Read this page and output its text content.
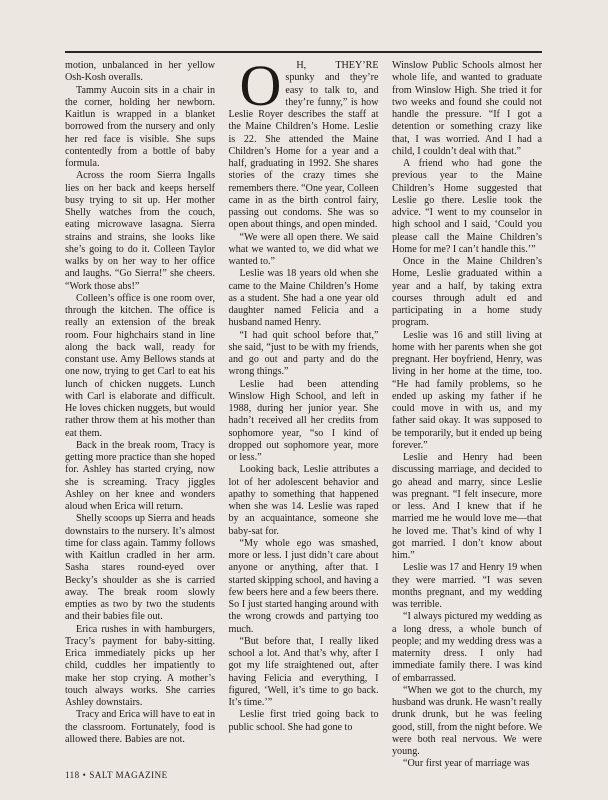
motion, unbalanced in her yellow Osh-Kosh overalls.

Tammy Aucoin sits in a chair in the corner, holding her newborn. Kaitlun is wrapped in a blanket borrowed from the nursery and only her red face is visible. She sups contentedly from a bottle of baby formula.

Across the room Sierra Ingalls lies on her back and keeps herself busy trying to sit up. Her mother Shelly watches from the couch, eating microwave lasagna. Sierra strains and strains, she looks like she’s going to do it. Colleen Taylor walks by on her way to her office and laughs. “Go Sierra!” she cheers. “Work those abs!”

Colleen’s office is one room over, through the kitchen. The office is really an extension of the break room. Four highchairs stand in line along the back wall, ready for constant use. Amy Bellows stands at one now, trying to get Carl to eat his lunch of chicken nuggets. Lunch with Carl is elaborate and difficult. He loves chicken nuggets, but would rather throw them at his mother than eat them.

Back in the break room, Tracy is getting more practice than she hoped for. Ashley has started crying, now she is screaming. Tracy jiggles Ashley on her knee and wonders aloud when Erica will return.

Shelly scoops up Sierra and heads downstairs to the nursery. It’s almost time for class again. Tammy follows with Kaitlun cradled in her arm. Sasha stares round-eyed over Becky’s shoulder as she is carried away. The break room slowly empties as two by two the students and their babies file out.

Erica rushes in with hamburgers, Tracy’s payment for baby-sitting. Erica immediately picks up her child, cuddles her impatiently to make her stop crying. A mother’s touch always works. She carries Ashley downstairs.

Tracy and Erica will have to eat in the classroom. Fortunately, food is allowed there. Babies are not.

O H, THEY’RE spunky and they’re easy to talk to, and they’re funny,” is how Leslie Royer describes the staff at the Maine Children’s Home. Leslie is 22. She attended the Maine Children’s Home for a year and a half, graduating in 1992. She shares stories of the crazy times she remembers there. “One year, Colleen came in as the birth control fairy, passing out condoms. She was so open about things, and open minded.

“We were all open there. We said what we wanted to, we did what we wanted to.”

Leslie was 18 years old when she came to the Maine Children’s Home as a student. She had a one year old daughter named Felicia and a husband named Henry.

“I had quit school before that,” she said, “just to be with my friends, and go out and party and do the wrong things.”

Leslie had been attending Winslow High School, and left in 1988, during her junior year. She hadn’t received all her credits from sophomore year, “so I kind of dropped out sophomore year, more or less.”

Looking back, Leslie attributes a lot of her adolescent behavior and apathy to something that happened when she was 14. Leslie was raped by an acquaintance, someone she baby-sat for.

“My whole ego was smashed, more or less. I just didn’t care about anyone or anything, after that. I started skipping school, and having a few beers here and a few beers there. So I just started hanging around with the wrong crowds and partying too much.

“But before that, I really liked school a lot. And that’s why, after I got my life straightened out, after having Felicia and everything, I figured, ‘Well, it’s time to go back. It’s time.’”

Leslie first tried going back to public school. She had gone to

Winslow Public Schools almost her whole life, and wanted to graduate from Winslow High. She tried it for two weeks and found she could not handle the pressure. “If I got a detention or something crazy like that, I was worried. And I had a child, I couldn’t deal with that.”

A friend who had gone the previous year to the Maine Children’s Home suggested that Leslie go there. Leslie took the advice. “I went to my counselor in high school and I said, ‘Could you please call the Maine Children’s Home for me? I can’t handle this.’”

Once in the Maine Children’s Home, Leslie graduated within a year and a half, by taking extra courses through adult ed and participating in a home study program.

Leslie was 16 and still living at home with her parents when she got pregnant. Her boyfriend, Henry, was living in her home at the time, too. “He had family problems, so he ended up asking my father if he could move in with us, and my father said okay. It was supposed to be temporarily, but it ended up being forever.”

Leslie and Henry had been discussing marriage, and decided to go ahead and marry, since Leslie was pregnant. “I felt insecure, more or less. And I knew that if he married me he would love me—that he loved me. That’s kind of why I got married. I don’t know about him.”

Leslie was 17 and Henry 19 when they were married. “I was seven months pregnant, and my wedding was terrible.

“I always pictured my wedding as a long dress, a whole bunch of people; and my wedding dress was a maternity dress. I only had immediate family there. I was kind of embarrassed.

“When we got to the church, my husband was drunk. He wasn’t really drunk drunk, but he was feeling good, still, from the night before. We were both real nervous. We were young.

“Our first year of marriage was

118 • SALT MAGAZINE
